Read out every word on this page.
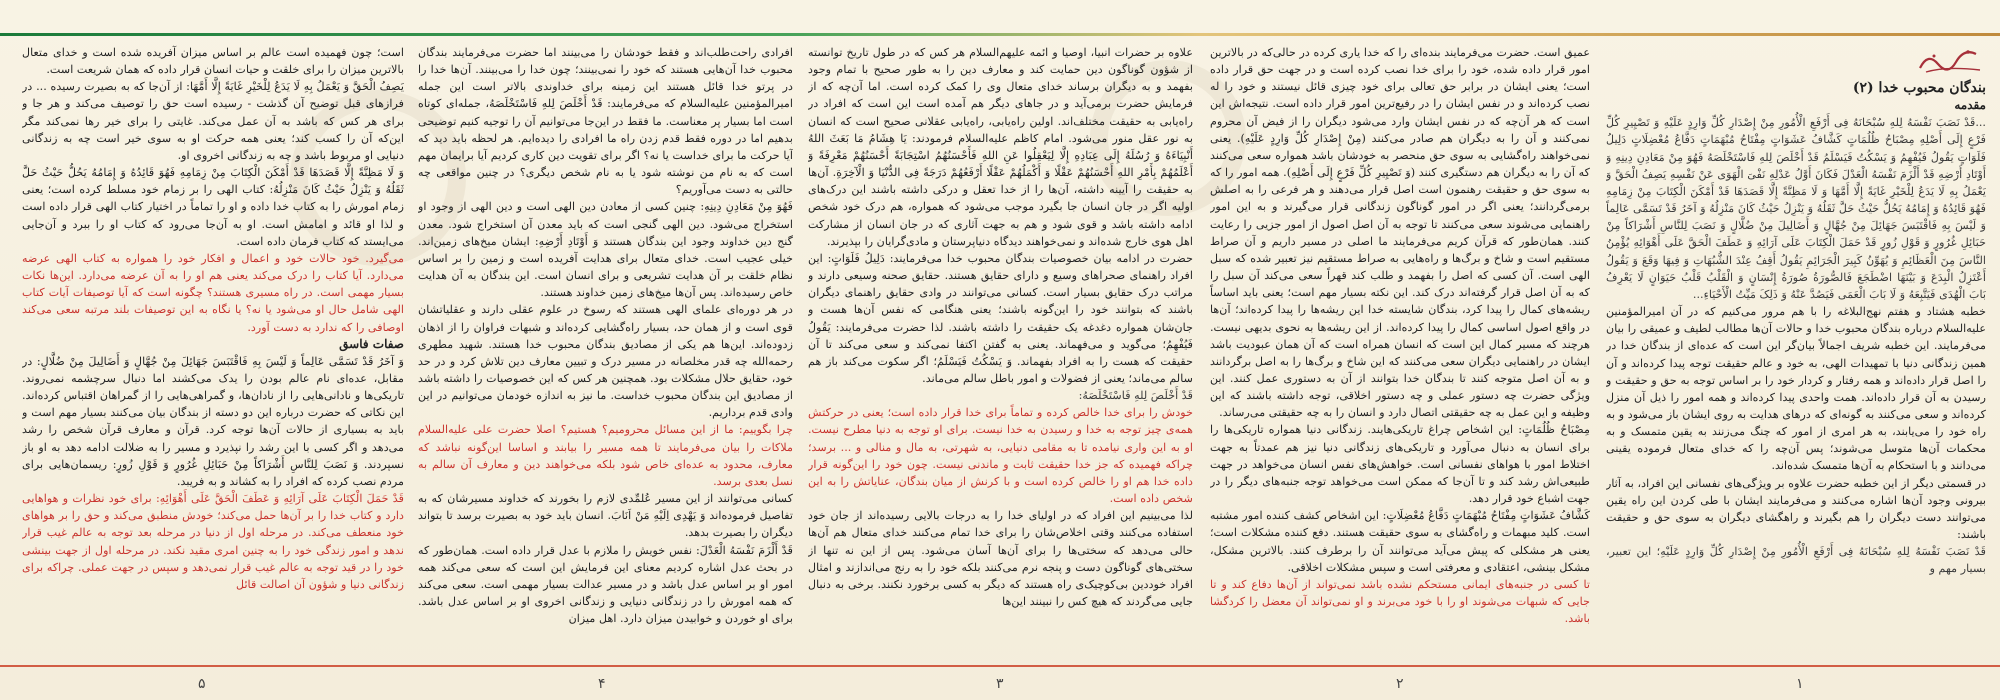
بندگان محبوب خدا (۲)

مقدمه

...قَدْ نَصَبَ نَفْسَهُ لِلهِ سُبْحَانَهُ فِی أَرْفَعِ الْأُمُورِ مِنْ إِصْدَارِ کُلِّ وَارِدٍ عَلَیْهِ وَ تَصْیِیرِ کُلِّ فَرْعٍ إِلَی أَصْلِهِ مِصْبَاحُ ظُلُمَاتٍ کَشَّافُ عَشَوَاتٍ مِفْتَاحُ مُبْهَمَاتٍ دَفَّاعُ مُعْضِلَاتٍ دَلِیلُ فَلَوَاتٍ یَقُولُ فَیُفْهِمُ وَ یَسْکُتُ فَیَسْلَمُ قَدْ أَخْلَصَ لِلهِ فَاسْتَخْلَصَهُ فَهُوَ مِنْ مَعَادِنِ دِینِهِ وَ أَوْتَادِ أَرْضِهِ قَدْ أَلْزَمَ نَفْسَهُ الْعَدْلَ فَکَانَ أَوَّلُ عَدْلِهِ نَفْیَ الْهَوَی عَنْ نَفْسِهِ یَصِفُ الْحَقَّ وَ یَعْمَلُ بِهِ لَا یَدَعُ لِلْخَیْرِ غَایَةً إِلَّا أَمَّهَا وَ لَا مَظِنَّةً إِلَّا قَصَدَهَا قَدْ أَمْکَنَ الْکِتَابَ مِنْ زِمَامِهِ فَهُوَ قَائِدُهُ وَ إِمَامُهُ یَحُلُّ حَیْثُ حَلَّ ثَقَلُهُ وَ یَنْزِلُ حَیْثُ کَانَ مَنْزِلُهُ وَ آخَرُ قَدْ تَسَمَّی عَالِماً وَ لَیْسَ بِهِ فَاقْتَبَسَ جَهَائِلَ مِنْ جُهَّالٍ وَ أَضَالِیلَ مِنْ ضُلَّالٍ وَ نَصَبَ لِلنَّاسِ أَشْرَاکاً مِنْ حَبَائِلِ غُرُورٍ وَ قَوْلِ زُورٍ قَدْ حَمَلَ الْکِتَابَ عَلَی آرَائِهِ وَ عَطَفَ الْحَقَّ عَلَی أَهْوَائِهِ یُؤْمِنُ النَّاسَ مِنَ الْعَظَائِمِ وَ یُهَوِّنُ کَبِیرَ الْجَرَائِمِ یَقُولُ أَقِفُ عِنْدَ الشُّبُهَاتِ وَ فِیهَا وَقَعَ وَ یَقُولُ أَعْتَزِلُ الْبِدَعَ وَ بَیْنَهَا اضْطَجَعَ فَالصُّورَةُ صُورَةُ إِنْسَانٍ وَ الْقَلْبُ قَلْبُ حَیَوَانٍ لَا یَعْرِفُ بَابَ الْهُدَی فَیَتَّبِعَهُ وَ لَا بَابَ الْعَمَی فَیَصُدَّ عَنْهُ وَ ذَلِکَ مَیِّتُ الْأَحْیَاءِ...

خطبه هشتاد و هفتم نهج‌البلاغه را با هم مرور می‌کنیم که در آن امیرالمؤمنین علیه‌السلام درباره بندگان محبوب خدا و حالات آن‌ها مطالب لطیف و عمیقی را بیان می‌فرمایند. این خطبه شریف اجمالاً بیان‌گر این است که عده‌ای از بندگان خدا در همین زندگانی دنیا با تمهیدات الهی، به خود و عالم حقیقت توجه پیدا کرده‌اند و آن را اصل قرار داده‌اند و همه رفتار و کردار خود را بر اساس توجه به حق و حقیقت و رسیدن به آن قرار داده‌اند. همت واحدی پیدا کرده‌اند و همه امور را ذیل آن منزل کرده‌اند و سعی می‌کنند به گونه‌ای که درهای هدایت به روی ایشان باز می‌شود و به راه خود را می‌یابند، به هر امری از امور که چنگ می‌زنند به یقین متمسک و به محکمات آن‌ها متوسل می‌شوند؛ پس آن‌چه را که خدای متعال فرموده یقینی می‌دانند و با استحکام به آن‌ها متمسک شده‌اند.

در قسمتی دیگر از این خطبه حضرت علاوه بر ویژگی‌های نفسانی این افراد، به آثار بیرونی وجود آن‌ها اشاره می‌کنند و می‌فرمایند ایشان با طی کردن این راه یقین می‌توانند دست دیگران را هم بگیرند و راهگشای دیگران به سوی حق و حقیقت باشند:

قَدْ نَصَبَ نَفْسَهُ لِلهِ سُبْحَانَهُ فِی أَرْفَعِ الْأُمُورِ مِنْ إِصْدَارِ کُلِّ وَارِدٍ عَلَیْهِ؛ این تعبیر، بسیار مهم و

عمیق است. حضرت می‌فرمایند بنده‌ای را که خدا یاری کرده در حالی‌که در بالاترین امور قرار داده شده، خود را برای خدا نصب کرده است و در جهت حق قرار داده است؛ یعنی ایشان در برابر حق تعالی برای خود چیزی قائل نیستند و خود را له نصب کرده‌اند و در نفس ایشان را در رفیع‌ترین امور قرار داده است. نتیجه‌اش این است که هر آن‌چه که در نفس ایشان وارد می‌شود دیگران را از فیض آن محروم نمی‌کنند و آن را به دیگران هم صادر می‌کنند (مِنْ إِصْدَارِ کُلِّ وَارِدٍ عَلَیْهِ). یعنی نمی‌خواهند راه‌گشایی به سوی حق منحصر به خودشان باشد همواره سعی می‌کنند که آن را به دیگران هم دستگیری کنند (وَ تَصْیِیرِ کُلِّ فَرْعٍ إِلَی أَصْلِهِ). همه امور را که به سوی حق و حقیقت رهنمون است اصل قرار می‌دهند و هر فرعی را به اصلش برمی‌گردانند؛ یعنی اگر در امور گوناگون زندگانی قرار می‌گیرند و به این امور راهنمایی می‌شوند سعی می‌کنند تا توجه به آن اصل اصول از امور جزیی را رعایت کنند. همان‌طور که قرآن کریم می‌فرمایند ما اصلی در مسیر داریم و آن صراط مستقیم است و شاخ و برگ‌ها و راه‌هایی به صراط مستقیم نیز تعبیر شده که سبل الهی است. آن کسی که اصل را بفهمد و طلب کند قهراً سعی می‌کند آن سبل را که به آن اصل قرار گرفته‌اند درک کند. این نکته بسیار مهم است؛ یعنی باید اساساً ریشه‌های کمال را پیدا کرد، بندگان شایسته خدا این ریشه‌ها را پیدا کرده‌اند؛ آن‌ها در واقع اصول اساسی کمال را پیدا کرده‌اند. از این ریشه‌ها به نحوی بدیهی نیست. هرچند که مسیر کمال این است که انسان همراه است که آن همان عبودیت باشد ایشان در راهنمایی دیگران سعی می‌کنند که این شاخ و برگ‌ها را به اصل برگردانند و به آن اصل متوجه کنند تا بندگان خدا بتوانند از آن به دستوری عمل کنند. این ویژگی حضرت چه دستور عملی و چه دستور اخلاقی، توجه داشته باشند که این وظیفه و این عمل به چه حقیقتی اتصال دارد و انسان را به چه حقیقتی می‌رساند.

مِصْبَاحُ ظُلُمَاتٍ: این اشخاص چراغ تاریکی‌هایند. زندگانی دنیا همواره تاریکی‌ها را برای انسان به دنبال می‌آورد و تاریکی‌های زندگانی دنیا نیز هم عمدتاً به جهت اختلاط امور با هواهای نفسانی است. خواهش‌های نفس انسان می‌خواهد در جهت طبیعی‌اش رشد کند و تا آن‌جا که ممکن است می‌خواهد توجه جنبه‌های دیگر را در جهت اشباع خود قرار دهد.

کَشَّافُ عَشَوَاتٍ مِفْتَاحُ مُبْهَمَاتٍ دَفَّاعُ مُعْضِلَاتٍ: این اشخاص کشف کننده امور مشتبه است. کلید مبهمات و راه‌گشای به سوی حقیقت هستند. دفع کننده مشکلات است؛ یعنی هر مشکلی که پیش می‌آید می‌توانند آن را برطرف کنند. بالاترین مشکل، مشکل بینشی، اعتقادی و معرفتی است و سپس مشکلات اخلاقی.

تا کسی در جنبه‌های ایمانی مستحکم نشده باشد نمی‌تواند از آن‌ها دفاع کند و تا جایی که شبهات می‌شوند او را با خود می‌برند و او نمی‌تواند آن معضل را کردگشا باشد.

علاوه بر حضرات انبیا، اوصیا و ائمه علیهم‌السلام هر کس که در طول تاریخ توانسته از شؤون گوناگون دین حمایت کند و معارف دین را به طور صحیح با تمام وجود بفهمد و به دیگران برساند خدای متعال وی را کمک کرده است. اما آن‌چه که از فرمایش حضرت برمی‌آید و در جاهای دیگر هم آمده است این است که افراد در راه‌یابی به حقیقت مختلف‌اند. اولین راه‌یابی، راه‌یابی عقلانی صحیح است که انسان به نور عقل منور می‌شود. امام کاظم علیه‌السلام فرمودند: یَا هِشَامُ مَا بَعَثَ اللهُ أَنْبِیَاءَهُ وَ رُسُلَهُ إِلَی عِبَادِهِ إِلَّا لِیَعْقِلُوا عَنِ اللهِ فَأَحْسَنُهُمُ اسْتِجَابَةً أَحْسَنُهُمْ مَعْرِفَةً وَ أَعْلَمُهُمْ بِأَمْرِ اللهِ أَحْسَنُهُمْ عَقْلًا وَ أَکْمَلُهُمْ عَقْلًا أَرْفَعُهُمْ دَرَجَةً فِی الدُّنْیَا وَ الْآخِرَةِ. آن‌ها به حقیقت را آیینه داشته، آن‌ها را از خدا تعقل و درکی داشته باشند این درک‌های اولیه اگر در جان انسان جا بگیرد موجب می‌شود که همواره، هم درک خود شخص ادامه داشته باشد و قوی شود و هم به جهت آثاری که در جان انسان از مشارکت اهل هوی خارج شده‌اند و نمی‌خواهند دیدگاه دنیاپرستان و مادی‌گرایان را بپذیرند.

حضرت در ادامه بیان خصوصیات بندگان محبوب خدا می‌فرمایند: دَلِیلُ فَلَوَاتٍ: این افراد راهنمای صحراهای وسیع و دارای حقایق هستند. حقایق صحنه وسیعی دارند و مراتب درک حقایق بسیار است. کسانی می‌توانند در وادی حقایق راهنمای دیگران باشند که بتوانند خود را این‌گونه باشند؛ یعنی هنگامی که نفس آن‌ها هست و جان‌شان همواره دغدغه یک حقیقت را داشته باشند. لذا حضرت می‌فرمایند: یَقُولُ فَیُفْهِمُ؛ می‌گوید و می‌فهماند. یعنی به گفتن اکتفا نمی‌کند و سعی می‌کند تا آن حقیقت که هست را به افراد بفهماند. وَ یَسْکُتُ فَیَسْلَمُ؛ اگر سکوت می‌کند باز هم سالم می‌ماند؛ یعنی از فضولات و امور باطل سالم می‌ماند.

قَدْ أَخْلَصَ لِلهِ فَاسْتَخْلَصَهُ:

خودش را برای خدا خالص کرده و تماماً برای خدا قرار داده است؛ یعنی در حرکتش همه‌ی چیز توجه به خدا و رسیدن به خدا نیست. برای او توجه به دنیا مطرح نیست. او به این واری نیامده تا به مقامی دنیایی، به شهرتی، به مال و منالی و ... برسد؛ چراکه فهمیده که جز خدا حقیقت ثابت و ماندنی نیست. چون خود را این‌گونه قرار داده خدا هم او را خالص کرده است و با کرنش از میان بندگان، عنایاتش را به این شخص داده است.

لذا می‌بینیم این افراد که در اولیای خدا را به درجات بالایی رسیده‌اند از جان خود استفاده می‌کنند وقتی اخلاص‌شان را برای خدا تمام می‌کنند خدای متعال هم آن‌ها حالی می‌دهد که سختی‌ها را برای آن‌ها آسان می‌شود. پس از این نه تنها از سختی‌های گوناگون دست و پنجه نرم می‌کنند بلکه خود را به رنج می‌اندازند و امثال افراد خوددین بی‌کوچیک‌ی راه هستند که دیگر به کسی برخورد نکنند. برخی به دنبال جایی می‌گردند که هیچ کس را نبینند این‌ها

افرادی راحت‌طلب‌اند و فقط خودشان را می‌بینند اما حضرت می‌فرمایند بندگان محبوب خدا آن‌هایی هستند که خود را نمی‌بینند؛ چون خدا را می‌بینند. آن‌ها خدا را در پرتو خدا قائل هستند این زمینه برای خداوندی بالاتر است این جمله امیرالمؤمنین علیه‌السلام که می‌فرمایند: قَدْ أَخْلَصَ لِلهِ فَاسْتَخْلَصَهُ، جمله‌ای کوتاه است اما بسیار پر معناست. ما فقط در این‌جا می‌توانیم آن را توجیه کنیم توضیحی بدهیم اما در دوره فقط قدم زدن راه ما افرادی را دیده‌ایم. هر لحظه باید دید که آیا حرکت ما برای خداست یا نه؟ اگر برای تقویت دین کاری کردیم آیا برایمان مهم است که به نام من نوشته شود یا به نام شخص دیگری؟ در چنین مواقعی چه حالتی به دست می‌آوریم؟

فَهُوَ مِنْ مَعَادِنِ دِینِهِ: چنین کسی از معادن دین الهی است و دین الهی از وجود او استخراج می‌شود. دین الهی گنجی است که باید معدن آن استخراج شود. معدن گنج دین خداوند وجود این بندگان هستند وَ أَوْتَادِ أَرْضِهِ: ایشان میخ‌های زمین‌اند. خیلی عجیب است. خدای متعال برای هدایت آفریده است و زمین را بر اساس نظام خلقت بر آن هدایت تشریعی و برای انسان است. این بندگان به آن هدایت خاص رسیده‌اند. پس آن‌ها میخ‌های زمین خداوند هستند.

در هر دوره‌ای علمای الهی هستند که رسوخ در علوم عقلی دارند و عقلیاتشان قوی است و از همان حد، بسیار راه‌گشایی کرده‌اند و شبهات فراوان را از اذهان زدوده‌اند. این‌ها هم یکی از مصادیق بندگان محبوب خدا هستند. شهید مطهری رحمه‌الله چه قدر مخلصانه در مسیر درک و تبیین معارف دین تلاش کرد و در حد خود، حقایق حلال مشکلات بود. همچنین هر کس که این خصوصیات را داشته باشد از مصادیق این بندگان محبوب خداست. ما نیز به اندازه خودمان می‌توانیم در این وادی قدم برداریم.

چرا بگوییم: ما از این مسائل محرومیم؟ هستیم؟ اصلا حضرت علی علیه‌السلام ملاکات را بیان می‌فرمایند تا همه مسیر را بیابند و اساسا این‌گونه نباشد که معارف، محدود به عده‌ای خاص شود بلکه می‌خواهند دین و معارف آن سالم به نسل بعدی برسد.

کسانی می‌توانند از این مسیر عُلمِّدی لازم را بخورند که خداوند مسیرشان که به تفاصیل فرموده‌اند وَ یَهْدِی اِلَیْهِ مَنْ اَنَابَ. انسان باید خود به بصیرت برسد تا بتواند دیگران را بصیرت بدهد.

قَدْ أَلْزَمَ نَفْسَهُ الْعَدْلَ: نفس خویش را ملازم با عدل قرار داده است. همان‌طور که در بحث عدل اشاره کردیم معنای این فرمایش این است که سعی می‌کند همه امور او بر اساس عدل باشد و در مسیر عدالت بسیار مهمی است. سعی می‌کند که همه امورش را در زندگانی دنیایی و زندگانی اخروی او بر اساس عدل باشد. برای او خوردن و خوابیدن میزان دارد. اهل میزان

است؛ چون فهمیده است عالم بر اساس میزان آفریده شده است و خدای متعال بالاترین میزان را برای خلقت و حیات انسان قرار داده که همان شریعت است.

یَصِفُ الْحَقَّ وَ یَعْمَلُ بِهِ لَا یَدَعُ لِلْخَیْرِ غَایَةً إِلَّا أَمَّهَا: از آن‌جا که به بصیرت رسیده ... در فرازهای قبل توضیح آن گذشت - رسیده است حق را توصیف می‌کند و هر جا و برای هر کس که باشد به آن عمل می‌کند. غایتی را برای خیر رها نمی‌کند مگر این‌که آن را کسب کند؛ یعنی همه حرکت او به سوی خیر است چه به زندگانی دنیایی او مربوط باشد و چه به زندگانی اخروی او.

وَ لَا مَظِنَّةً إِلَّا قَصَدَهَا قَدْ أَمْکَنَ الْکِتَابَ مِنْ زِمَامِهِ فَهُوَ قَائِدُهُ وَ إِمَامُهُ یَحُلُّ حَیْثُ حَلَّ ثَقَلُهُ وَ یَنْزِلُ حَیْثُ کَانَ مَنْزِلُهُ: کتاب الهی را بر زمام خود مسلط کرده است؛ یعنی زمام امورش را به کتاب خدا داده و او را تماماً در اختیار کتاب الهی قرار داده است و لذا او قائد و امامش است. او به آن‌جا می‌رود که کتاب او را ببرد و آن‌جایی می‌ایستد که کتاب فرمان داده است.

می‌گیرد. خود حالات خود و اعمال و افکار خود را همواره به کتاب الهی عرضه می‌دارد. آیا کتاب را درک می‌کند یعنی هم او را به آن عرضه می‌دارد. این‌ها نکات بسیار مهمی است. در راه مسیری هستند؟ چگونه است که آیا توصیفات آیات کتاب الهی شامل حال او می‌شود یا نه؟ یا نگاه به این توصیفات بلند مرتبه سعی می‌کند اوصافی را که ندارد به دست آورد.

صفات فاسق

وَ آخَرُ قَدْ تَسَمَّی عَالِماً وَ لَیْسَ بِهِ فَاقْتَبَسَ جَهَائِلَ مِنْ جُهَّالٍ وَ أَضَالِیلَ مِنْ ضُلَّالٍ: در مقابل، عده‌ای نام عالم بودن را یدک می‌کشند اما دنبال سرچشمه نمی‌روند. تاریکی‌ها و نادانی‌هایی را از نادان‌ها، و گمراهی‌هایی را از گمراهان اقتباس کرده‌اند. این نکاتی که حضرت درباره این دو دسته از بندگان بیان می‌کنند بسیار مهم است و باید به بسیاری از حالات آن‌ها توجه کرد. قرآن و معارف قرآن شخص را رشد می‌دهد و اگر کسی با این رشد را نپذیرد و مسیر را به ضلالت ادامه دهد به او باز نسپردند. وَ نَصَبَ لِلنَّاسِ أَشْرَاکاً مِنْ حَبَائِلِ غُرُورٍ وَ قَوْلِ زُورٍ: ریسمان‌هایی برای مردم نصب کرده که افراد را به کشاند و به فریبد.

قَدْ حَمَلَ الْکِتَابَ عَلَی آرَائِهِ وَ عَطَفَ الْحَقَّ عَلَی أَهْوَائِهِ: برای خود نظرات و هواهایی دارد و کتاب خدا را بر آن‌ها حمل می‌کند؛ خودش منطبق می‌کند و حق را بر هواهای خود منعطف می‌کند. در مرحله اول از دنیا در مرحله بعد توجه به عالم غیب قرار ندهد و امور زندگی خود را به چنین امری مقید نکند. در مرحله اول از جهت بینشی خود را در قید توجه به عالم غیب قرار نمی‌دهد و سپس در جهت عملی. چراکه برای زندگانی دنیا و شؤون آن اصالت قائل

۱
۲
۳
۴
۵
